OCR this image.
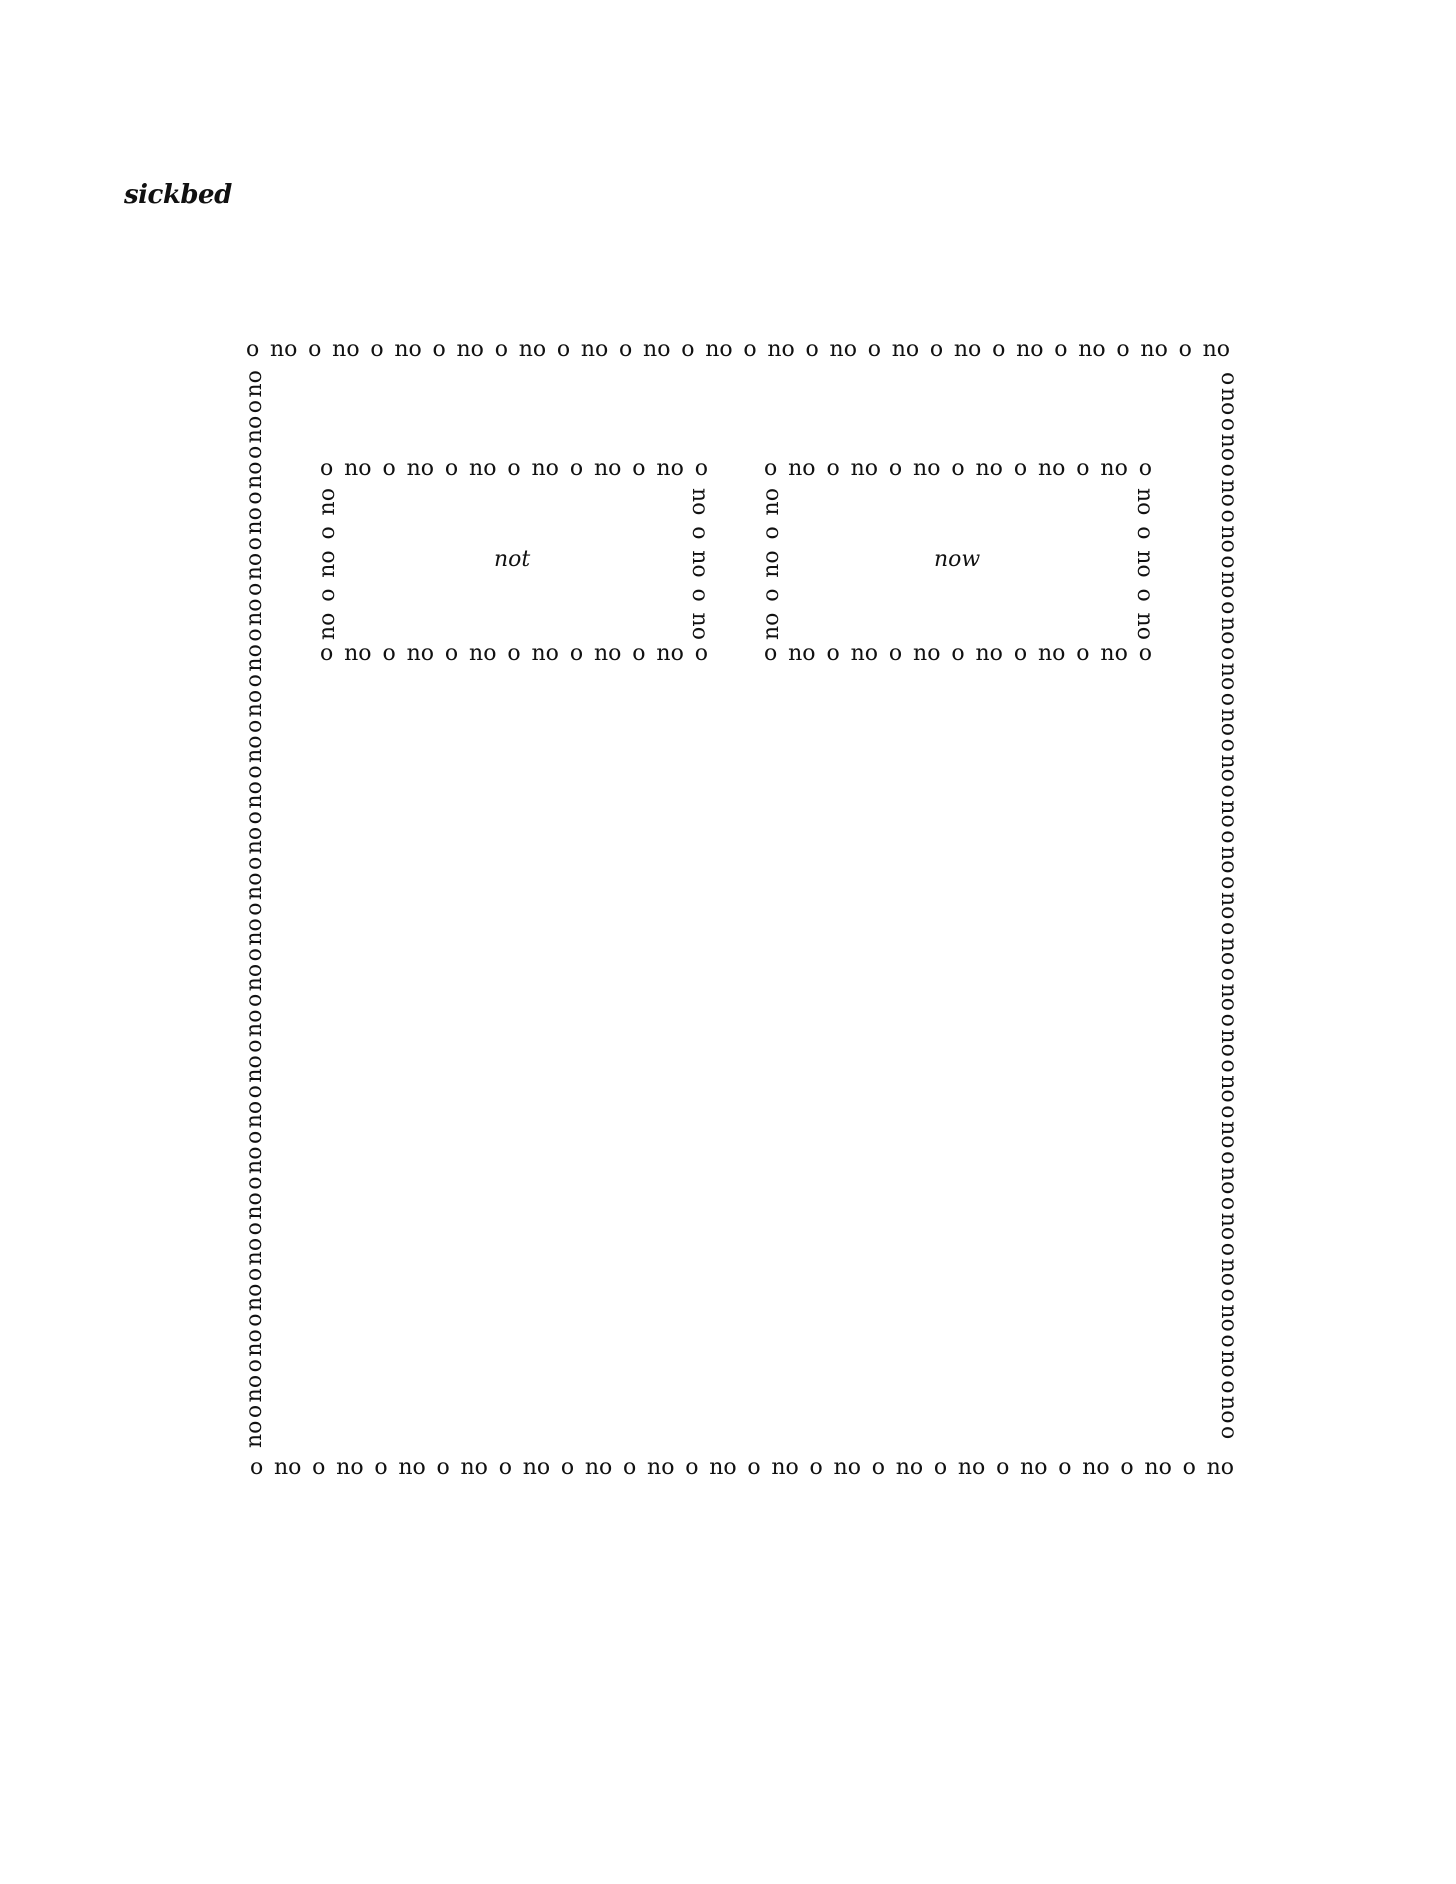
sickbed
o no o no o no o no o no o no o no o no o no o no o no o no o no o no o no o no
o no o no o no o no o no o no o no o no o no o no o no o no o no o no o no o no
no
o
no
o
no
o
no
o
no
o
no
o
no
o
no
o
no
o
no
o
no
o
no
o
no
o
no
o
no
o
no
o
no
o
no
o
no
o
no
o
no
o
no
o
no
o
no	o
no
o
no
o
no
o
no
o
no
o
no
o
no
o
no
o
no
o
no
o
no
o
no
o
no
o
no
o
no
o
no
o
no
o
no
o
no
o
no
o
no
o
no
o
no
o
o no o no o no o no o no o no o
o no o no o no o no o no o no o
no
o
no
o
no	no
o
no
o
no
not
o no o no o no o no o no o no o
o no o no o no o no o no o no o
no
o
no
o
no	no
o
no
o
no
now
